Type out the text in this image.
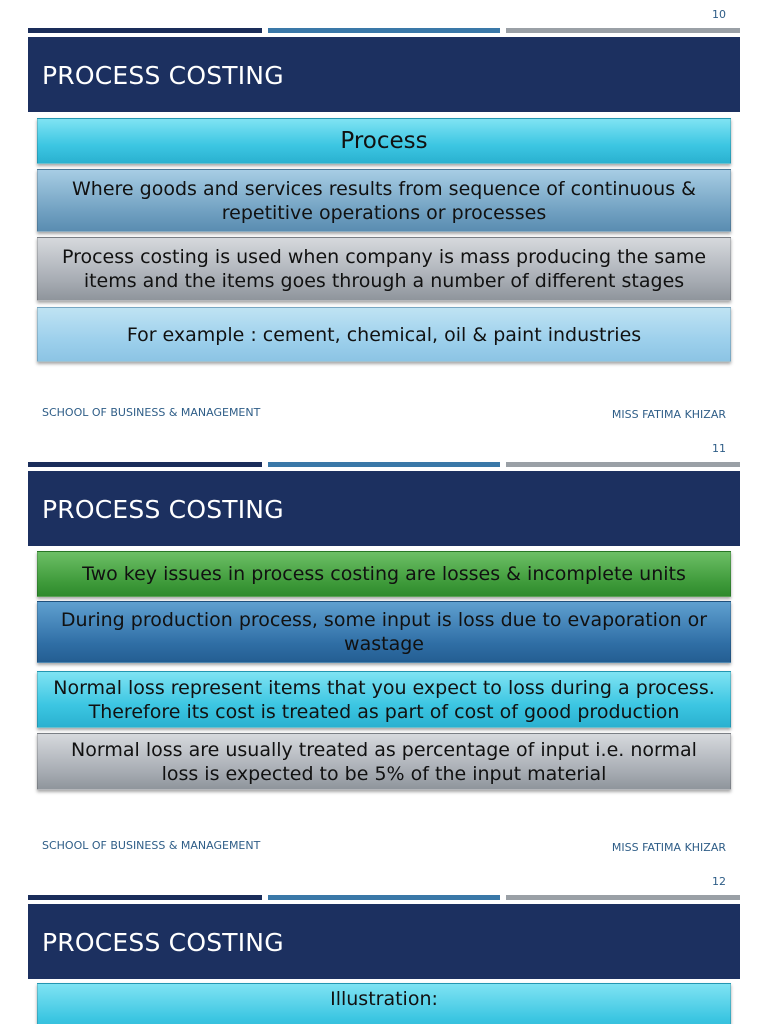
10
PROCESS COSTING
Process
Where goods and services results from sequence of continuous & repetitive operations or processes
Process costing is used when company is mass producing the same items and the items goes through a number of different stages
For example : cement, chemical, oil & paint industries
SCHOOL OF BUSINESS & MANAGEMENT	MISS FATIMA KHIZAR
11
PROCESS COSTING
Two key issues in process costing are losses & incomplete units
During production process, some input is loss due to evaporation or wastage
Normal loss represent items that you expect to loss during a process. Therefore its cost is treated as part of cost of good production
Normal loss are usually treated as percentage of input i.e. normal loss is expected to be 5% of the input material
SCHOOL OF BUSINESS & MANAGEMENT	MISS FATIMA KHIZAR
12
PROCESS COSTING
Illustration:
